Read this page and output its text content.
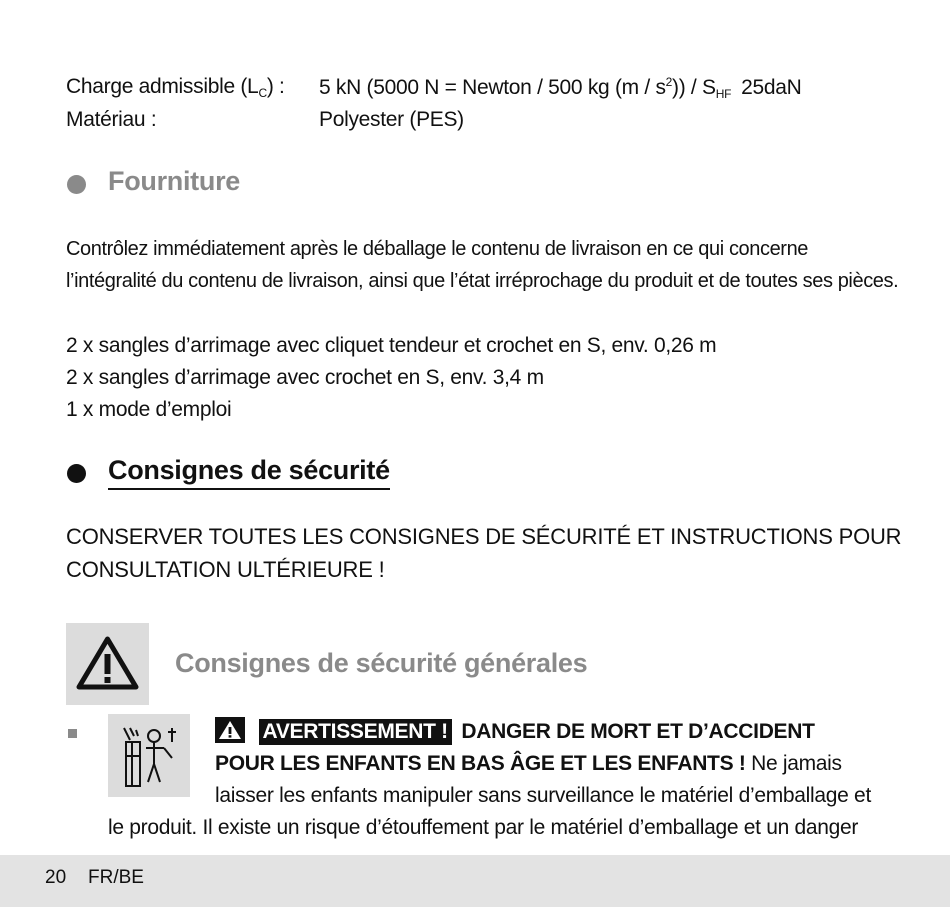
Charge admissible $(L_C)$ : 5 kN (5000 N = Newton / 500 kg $(m / s^2)) / S_{HF}$ 25daN
Matériau :	Polyester (PES)
Fourniture
Contrôlez immédiatement après le déballage le contenu de livraison en ce qui concerne
l’intégralité du contenu de livraison, ainsi que l’état irréprochage du produit et de toutes ses pièces.
2 x sangles d’arrimage avec cliquet tendeur et crochet en S, env. 0,26 m
2 x sangles d’arrimage avec crochet en S, env. 3,4 m
1 x mode d’emploi
Consignes de sécurité
CONSERVER TOUTES LES CONSIGNES DE SÉCURITÉ ET INSTRUCTIONS POUR
CONSULTATION ULTÉRIEURE !
Consignes de sécurité générales
AVERTISSEMENT ! DANGER DE MORT ET D’ACCIDENT
POUR LES ENFANTS EN BAS ÂGE ET LES ENFANTS ! Ne jamais
laisser les enfants manipuler sans surveillance le matériel d’emballage et
le produit. Il existe un risque d’étouffement par le matériel d’emballage et un danger
20 FR/BE
